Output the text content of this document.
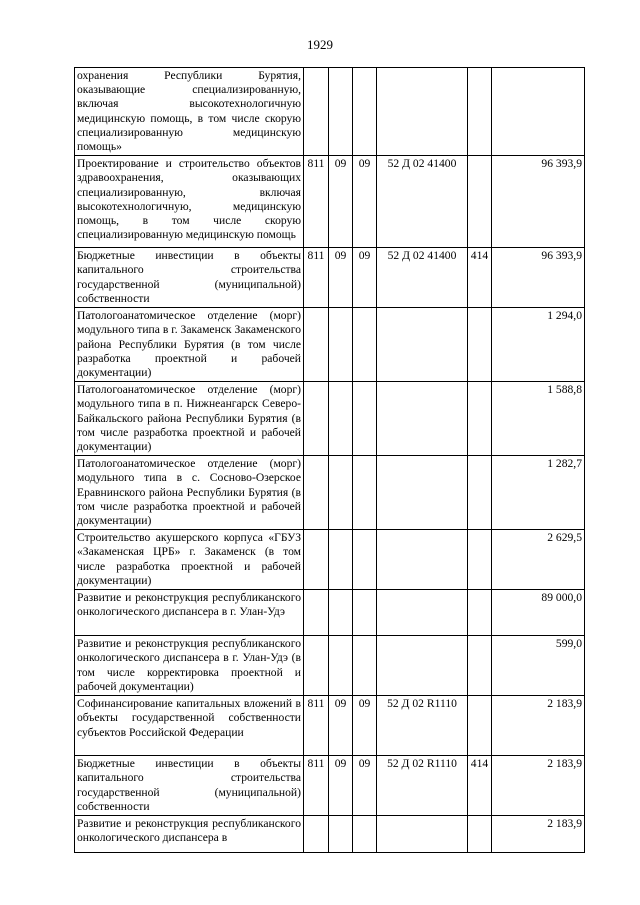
1929
охранения Республики Бурятия, оказывающие специализированную, включая высокотехнологичную медицинскую помощь, в том числе скорую специализированную медицинскую помощь»						
Проектирование и строительство объектов здравоохранения, оказывающих специализированную, включая высокотехнологичную, медицинскую помощь, в том числе скорую специализированную медицинскую помощь	811	09	09	52 Д 02 41400		96 393,9
Бюджетные инвестиции в объекты капитального строительства государственной (муниципальной) собственности	811	09	09	52 Д 02 41400	414	96 393,9
Патологоанатомическое отделение (морг) модульного типа в г. Закаменск Закаменского района Республики Бурятия (в том числе разработка проектной и рабочей документации)						1 294,0
Патологоанатомическое отделение (морг) модульного типа в п. Нижнеангарск Северо-Байкальского района Республики Бурятия (в том числе разработка проектной и рабочей документации)						1 588,8
Патологоанатомическое отделение (морг) модульного типа в с. Сосново-Озерское Еравнинского района Республики Бурятия (в том числе разработка проектной и рабочей документации)						1 282,7
Строительство акушерского корпуса «ГБУЗ «Закаменская ЦРБ» г. Закаменск (в том числе разработка проектной и рабочей документации)						2 629,5
Развитие и реконструкция республиканского онкологического диспансера в г. Улан-Удэ						89 000,0
Развитие и реконструкция республиканского онкологического диспансера в г. Улан-Удэ (в том числе корректировка проектной и рабочей документации)						599,0
Софинансирование капитальных вложений в объекты государственной собственности субъектов Российской Федерации	811	09	09	52 Д 02 R1110		2 183,9
Бюджетные инвестиции в объекты капитального строительства государственной (муниципальной) собственности	811	09	09	52 Д 02 R1110	414	2 183,9
Развитие и реконструкция республиканского онкологического диспансера в						2 183,9
